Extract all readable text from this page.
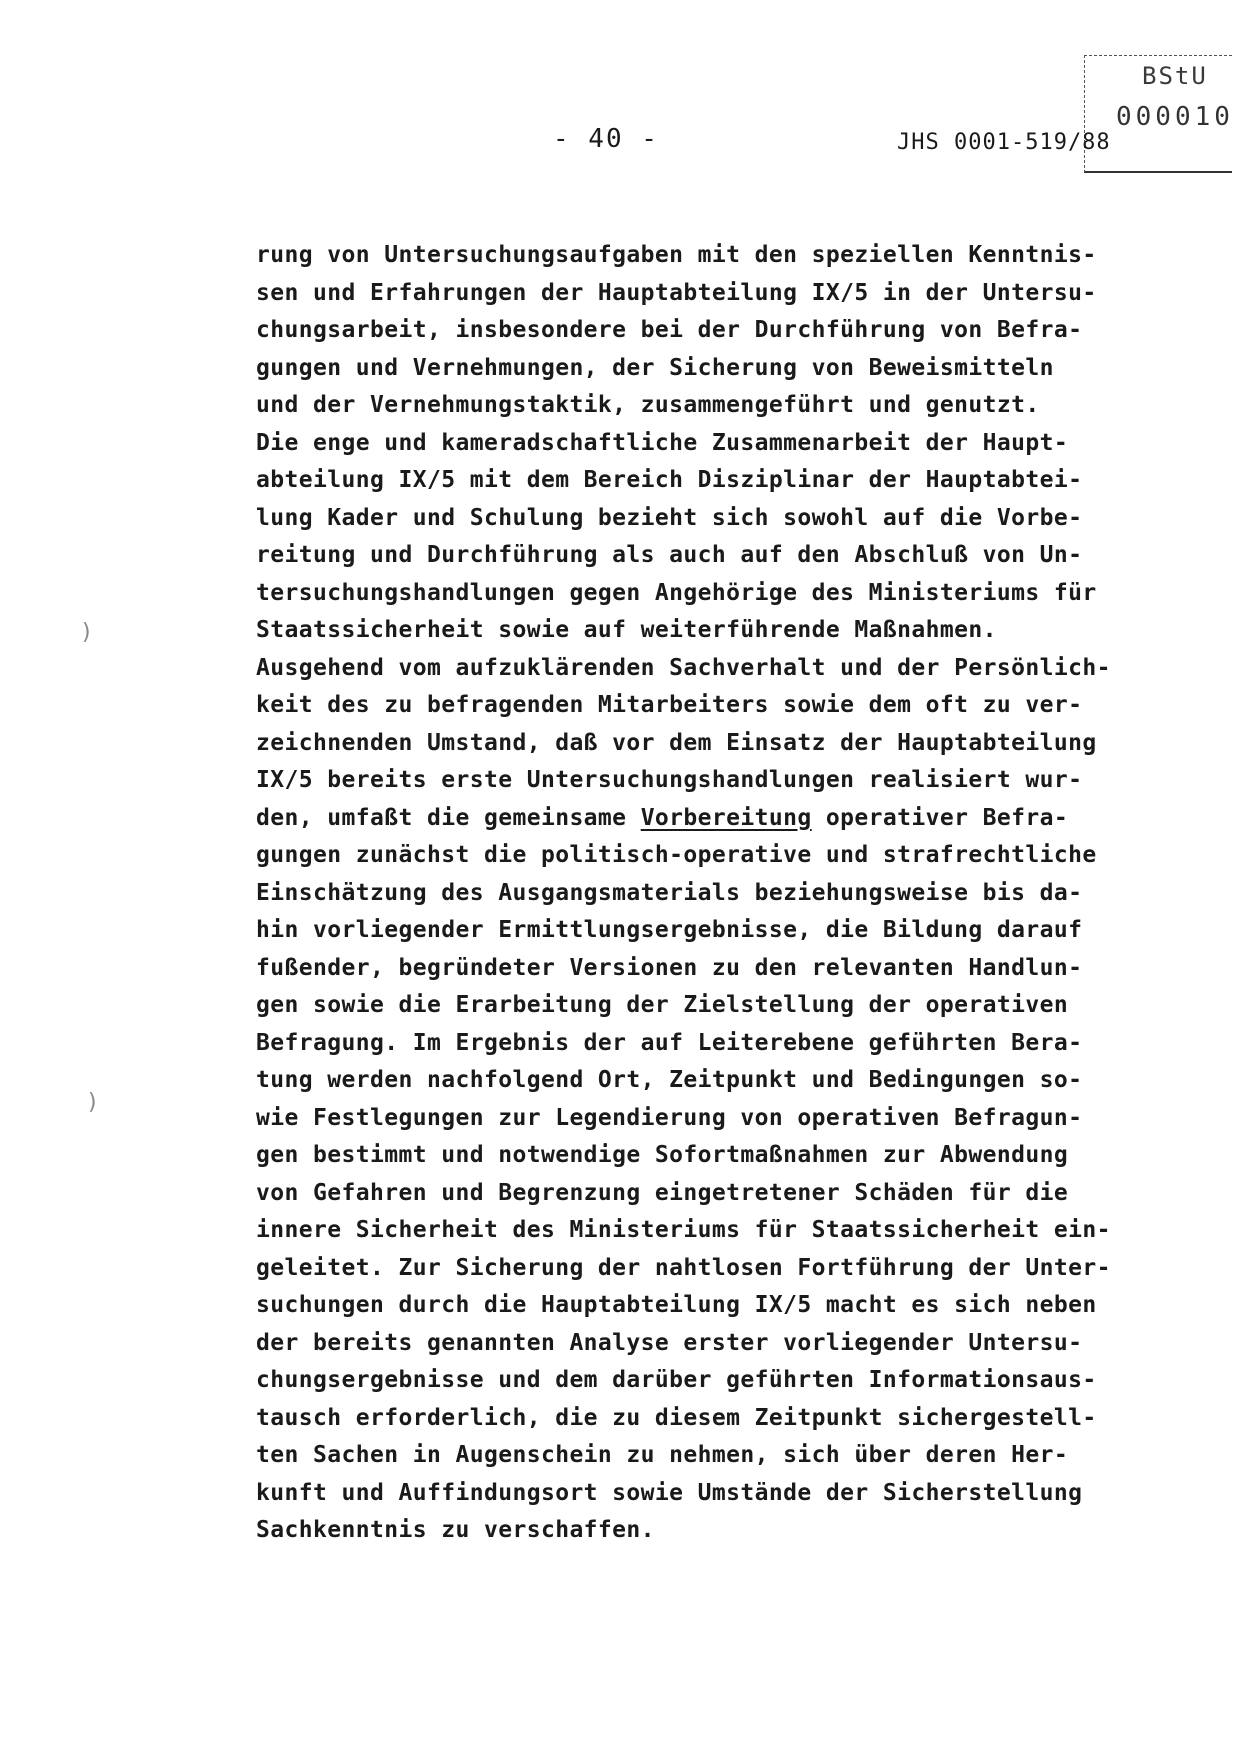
BStU
000010
- 40 -	JHS 0001-519/88
)
)
rung von Untersuchungsaufgaben mit den speziellen Kenntnis-
sen und Erfahrungen der Hauptabteilung IX/5 in der Untersu-
chungsarbeit, insbesondere bei der Durchführung von Befra-
gungen und Vernehmungen, der Sicherung von Beweismitteln
und der Vernehmungstaktik, zusammengeführt und genutzt.
Die enge und kameradschaftliche Zusammenarbeit der Haupt-
abteilung IX/5 mit dem Bereich Disziplinar der Hauptabtei-
lung Kader und Schulung bezieht sich sowohl auf die Vorbe-
reitung und Durchführung als auch auf den Abschluß von Un-
tersuchungshandlungen gegen Angehörige des Ministeriums für
Staatssicherheit sowie auf weiterführende Maßnahmen.
Ausgehend vom aufzuklärenden Sachverhalt und der Persönlich-
keit des zu befragenden Mitarbeiters sowie dem oft zu ver-
zeichnenden Umstand, daß vor dem Einsatz der Hauptabteilung
IX/5 bereits erste Untersuchungshandlungen realisiert wur-
den, umfaßt die gemeinsame Vorbereitung operativer Befra-
gungen zunächst die politisch-operative und strafrechtliche
Einschätzung des Ausgangsmaterials beziehungsweise bis da-
hin vorliegender Ermittlungsergebnisse, die Bildung darauf
fußender, begründeter Versionen zu den relevanten Handlun-
gen sowie die Erarbeitung der Zielstellung der operativen
Befragung. Im Ergebnis der auf Leiterebene geführten Bera-
tung werden nachfolgend Ort, Zeitpunkt und Bedingungen so-
wie Festlegungen zur Legendierung von operativen Befragun-
gen bestimmt und notwendige Sofortmaßnahmen zur Abwendung
von Gefahren und Begrenzung eingetretener Schäden für die
innere Sicherheit des Ministeriums für Staatssicherheit ein-
geleitet. Zur Sicherung der nahtlosen Fortführung der Unter-
suchungen durch die Hauptabteilung IX/5 macht es sich neben
der bereits genannten Analyse erster vorliegender Untersu-
chungsergebnisse und dem darüber geführten Informationsaus-
tausch erforderlich, die zu diesem Zeitpunkt sichergestell-
ten Sachen in Augenschein zu nehmen, sich über deren Her-
kunft und Auffindungsort sowie Umstände der Sicherstellung
Sachkenntnis zu verschaffen.
